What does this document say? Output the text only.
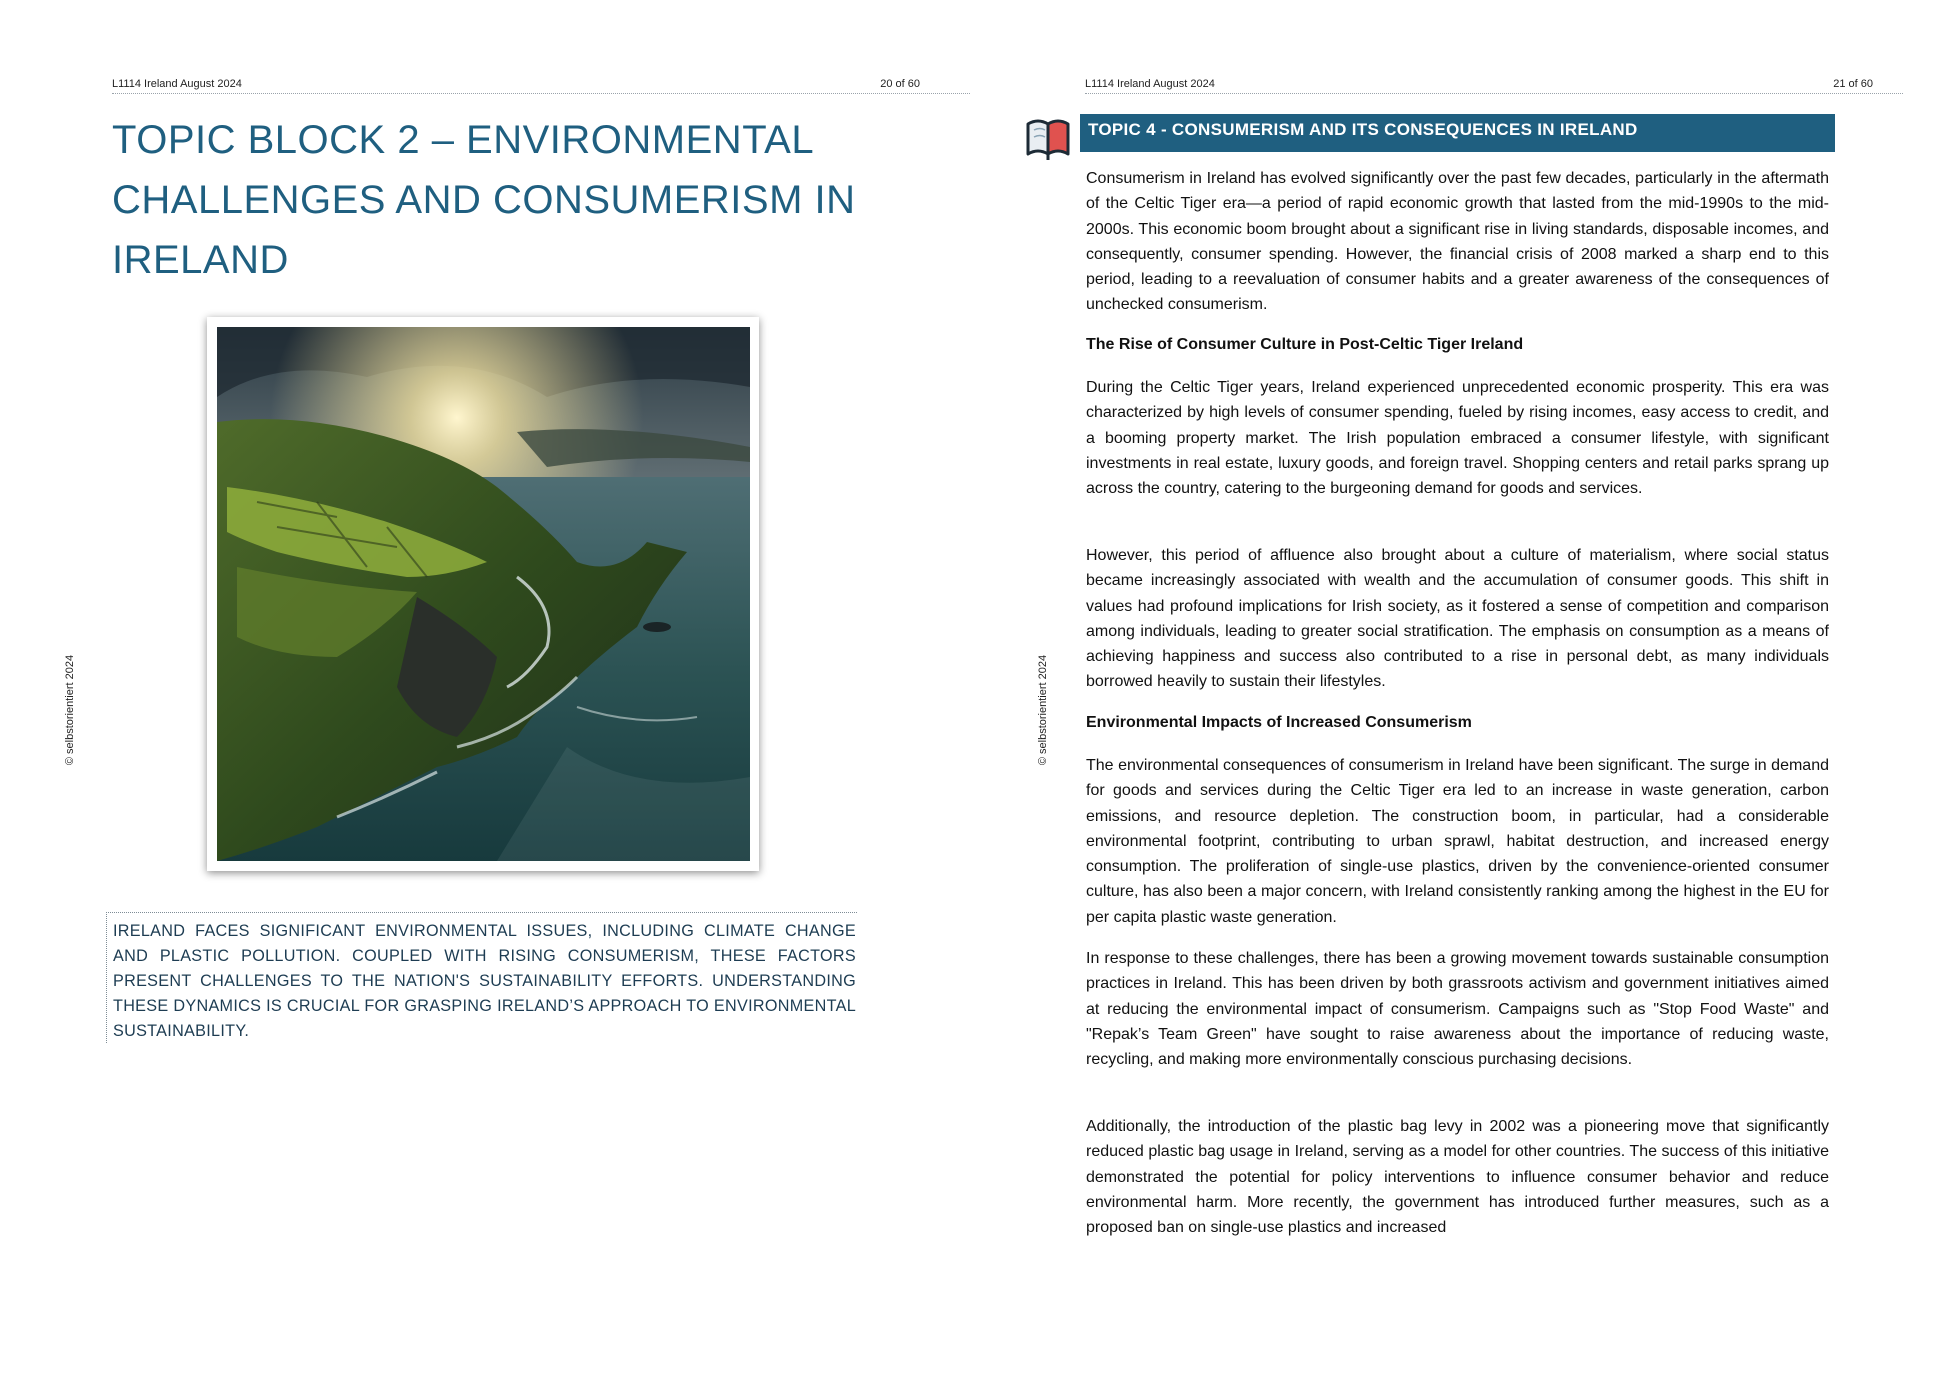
L1114 Ireland August 2024	20 of 60
© selbstorientiert 2024
TOPIC BLOCK 2 – ENVIRONMENTAL CHALLENGES AND CONSUMERISM IN IRELAND

IRELAND FACES SIGNIFICANT ENVIRONMENTAL ISSUES, INCLUDING CLIMATE CHANGE AND PLASTIC POLLUTION. COUPLED WITH RISING CONSUMERISM, THESE FACTORS PRESENT CHALLENGES TO THE NATION'S SUSTAINABILITY EFFORTS. UNDERSTANDING THESE DYNAMICS IS CRUCIAL FOR GRASPING IRELAND’S APPROACH TO ENVIRONMENTAL SUSTAINABILITY.

L1114 Ireland August 2024	21 of 60
© selbstorientiert 2024
TOPIC 4 - CONSUMERISM AND ITS CONSEQUENCES IN IRELAND

Consumerism in Ireland has evolved significantly over the past few decades, particularly in the aftermath of the Celtic Tiger era—a period of rapid economic growth that lasted from the mid-1990s to the mid-2000s. This economic boom brought about a significant rise in living standards, disposable incomes, and consequently, consumer spending. However, the financial crisis of 2008 marked a sharp end to this period, leading to a reevaluation of consumer habits and a greater awareness of the consequences of unchecked consumerism.

The Rise of Consumer Culture in Post-Celtic Tiger Ireland

During the Celtic Tiger years, Ireland experienced unprecedented economic prosperity. This era was characterized by high levels of consumer spending, fueled by rising incomes, easy access to credit, and a booming property market. The Irish population embraced a consumer lifestyle, with significant investments in real estate, luxury goods, and foreign travel. Shopping centers and retail parks sprang up across the country, catering to the burgeoning demand for goods and services.

However, this period of affluence also brought about a culture of materialism, where social status became increasingly associated with wealth and the accumulation of consumer goods. This shift in values had profound implications for Irish society, as it fostered a sense of competition and comparison among individuals, leading to greater social stratification. The emphasis on consumption as a means of achieving happiness and success also contributed to a rise in personal debt, as many individuals borrowed heavily to sustain their lifestyles.

Environmental Impacts of Increased Consumerism

The environmental consequences of consumerism in Ireland have been significant. The surge in demand for goods and services during the Celtic Tiger era led to an increase in waste generation, carbon emissions, and resource depletion. The construction boom, in particular, had a considerable environmental footprint, contributing to urban sprawl, habitat destruction, and increased energy consumption. The proliferation of single-use plastics, driven by the convenience-oriented consumer culture, has also been a major concern, with Ireland consistently ranking among the highest in the EU for per capita plastic waste generation.

In response to these challenges, there has been a growing movement towards sustainable consumption practices in Ireland. This has been driven by both grassroots activism and government initiatives aimed at reducing the environmental impact of consumerism. Campaigns such as "Stop Food Waste" and "Repak’s Team Green" have sought to raise awareness about the importance of reducing waste, recycling, and making more environmentally conscious purchasing decisions.

Additionally, the introduction of the plastic bag levy in 2002 was a pioneering move that significantly reduced plastic bag usage in Ireland, serving as a model for other countries. The success of this initiative demonstrated the potential for policy interventions to influence consumer behavior and reduce environmental harm. More recently, the government has introduced further measures, such as a proposed ban on single-use plastics and increased
